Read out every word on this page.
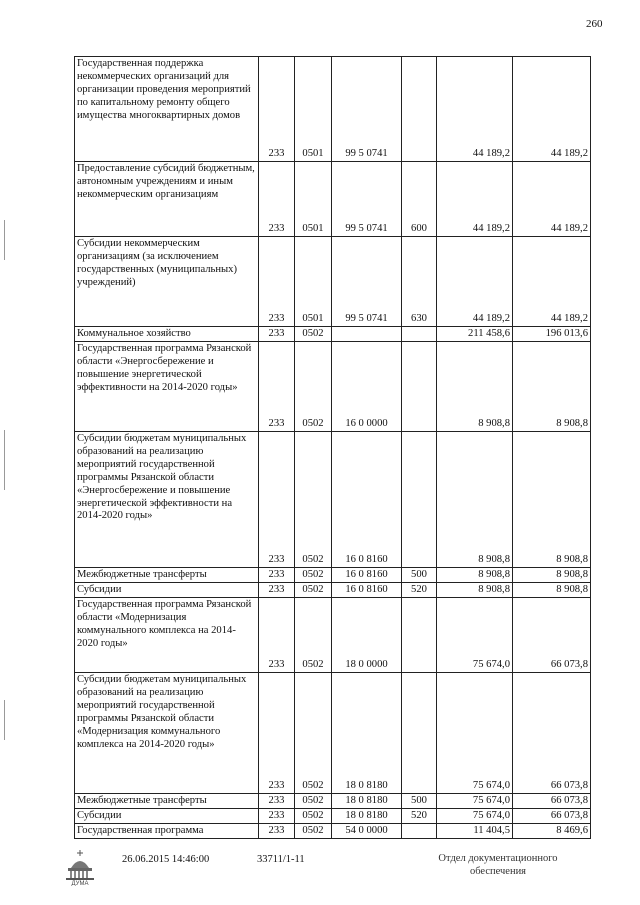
260
Государственная поддержка некоммерческих организаций для организации проведения мероприятий по капитальному ремонту общего имущества многоквартирных домов	233	0501	99 5 0741		44 189,2	44 189,2
Предоставление субсидий бюджетным, автономным учреждениям и иным некоммерческим организациям	233	0501	99 5 0741	600	44 189,2	44 189,2
Субсидии некоммерческим организациям (за исключением государственных (муниципальных) учреждений)	233	0501	99 5 0741	630	44 189,2	44 189,2
Коммунальное хозяйство	233	0502			211 458,6	196 013,6
Государственная программа Рязанской области «Энергосбережение и повышение энергетической эффективности на 2014-2020 годы»	233	0502	16 0 0000		8 908,8	8 908,8
Субсидии бюджетам муниципальных образований на реализацию мероприятий государственной программы Рязанской области «Энергосбережение и повышение энергетической эффективности на 2014-2020 годы»	233	0502	16 0 8160		8 908,8	8 908,8
Межбюджетные трансферты	233	0502	16 0 8160	500	8 908,8	8 908,8
Субсидии	233	0502	16 0 8160	520	8 908,8	8 908,8
Государственная программа Рязанской области «Модернизация коммунального комплекса на 2014-2020 годы»	233	0502	18 0 0000		75 674,0	66 073,8
Субсидии бюджетам муниципальных образований на реализацию мероприятий государственной программы Рязанской области «Модернизация коммунального комплекса на 2014-2020 годы»	233	0502	18 0 8180		75 674,0	66 073,8
Межбюджетные трансферты	233	0502	18 0 8180	500	75 674,0	66 073,8
Субсидии	233	0502	18 0 8180	520	75 674,0	66 073,8
Государственная программа	233	0502	54 0 0000		11 404,5	8 469,6
ДУМА
26.06.2015 14:46:00	33711/1-11	Отдел документационного
обеспечения
